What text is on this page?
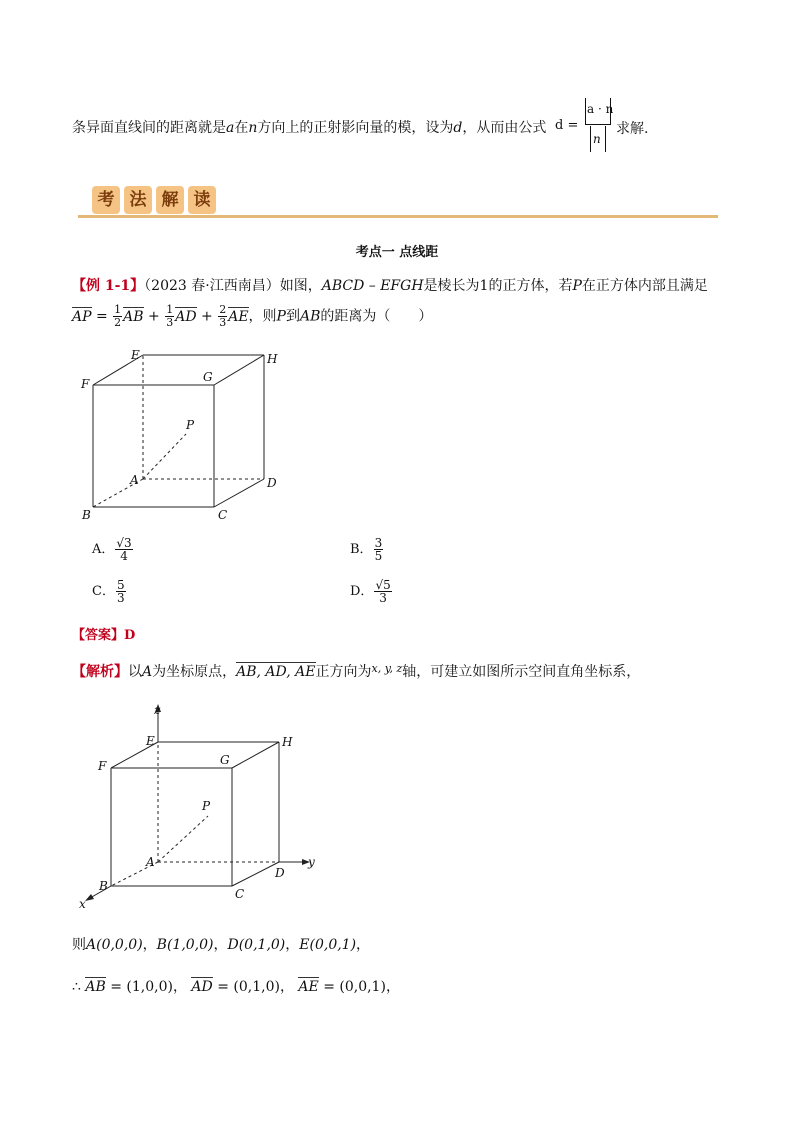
条异面直线间的距离就是a在n方向上的正射影向量的模，设为d，从而由公式 d =
a · n
n
求解.
考 法 解 读
考点一 点线距
【例 1-1】（2023 春·江西南昌）如图，ABCD – EFGH是棱长为1的正方体，若P在正方体内部且满足
AP = $\frac{1}{2}$ AB + $\frac{1}{3}$ AD + $\frac{2}{3}$ AE，则P到AB的距离为（　　）
E	H
F	G
P
A	D
B	C
A． $\frac{√3}{4}$	B． $\frac{3}{5}$
C． $\frac{5}{3}$	D． $\frac{√5}{3}$
【答案】D
【解析】以A为坐标原点，AB, AD, AE正方向为$^{x, y, z}$轴，可建立如图所示空间直角坐标系，
z
E	H
F	G
P
A	y
D
B
C
x
则A(0,0,0)，B(1,0,0)，D(0,1,0)，E(0,0,1)，
∴ AB = (1,0,0)， AD = (0,1,0)， AE = (0,0,1)，
